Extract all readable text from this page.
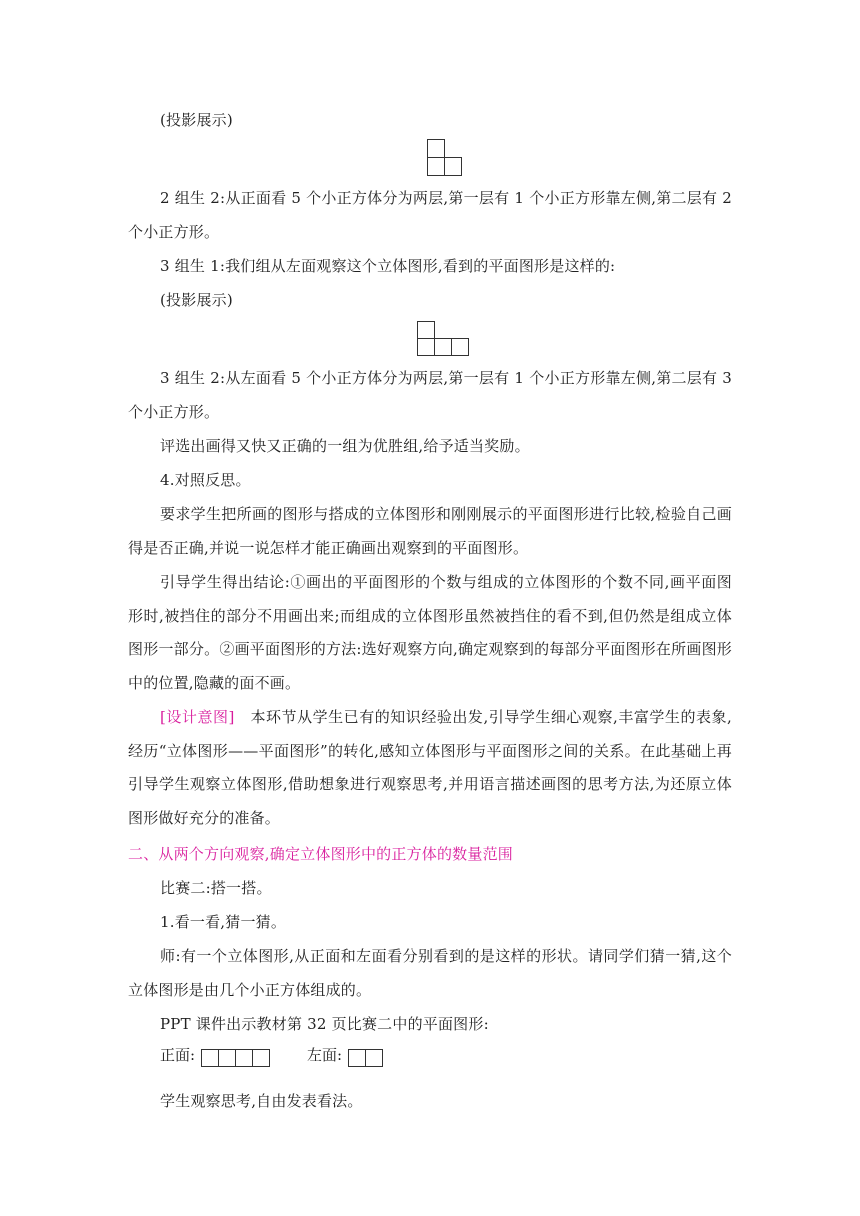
(投影展示)
2 组生 2:从正面看 5 个小正方体分为两层,第一层有 1 个小正方形靠左侧,第二层有 2 个小正方形。
3 组生 1:我们组从左面观察这个立体图形,看到的平面图形是这样的:
(投影展示)
3 组生 2:从左面看 5 个小正方体分为两层,第一层有 1 个小正方形靠左侧,第二层有 3 个小正方形。
评选出画得又快又正确的一组为优胜组,给予适当奖励。
4.对照反思。
要求学生把所画的图形与搭成的立体图形和刚刚展示的平面图形进行比较,检验自己画得是否正确,并说一说怎样才能正确画出观察到的平面图形。
引导学生得出结论:①画出的平面图形的个数与组成的立体图形的个数不同,画平面图形时,被挡住的部分不用画出来;而组成的立体图形虽然被挡住的看不到,但仍然是组成立体图形一部分。②画平面图形的方法:选好观察方向,确定观察到的每部分平面图形在所画图形中的位置,隐藏的面不画。
[设计意图] 本环节从学生已有的知识经验出发,引导学生细心观察,丰富学生的表象,经历“立体图形——平面图形”的转化,感知立体图形与平面图形之间的关系。在此基础上再引导学生观察立体图形,借助想象进行观察思考,并用语言描述画图的思考方法,为还原立体图形做好充分的准备。
二、从两个方向观察,确定立体图形中的正方体的数量范围
比赛二:搭一搭。
1.看一看,猜一猜。
师:有一个立体图形,从正面和左面看分别看到的是这样的形状。请同学们猜一猜,这个立体图形是由几个小正方体组成的。
PPT 课件出示教材第 32 页比赛二中的平面图形:
正面:	左面:
学生观察思考,自由发表看法。
